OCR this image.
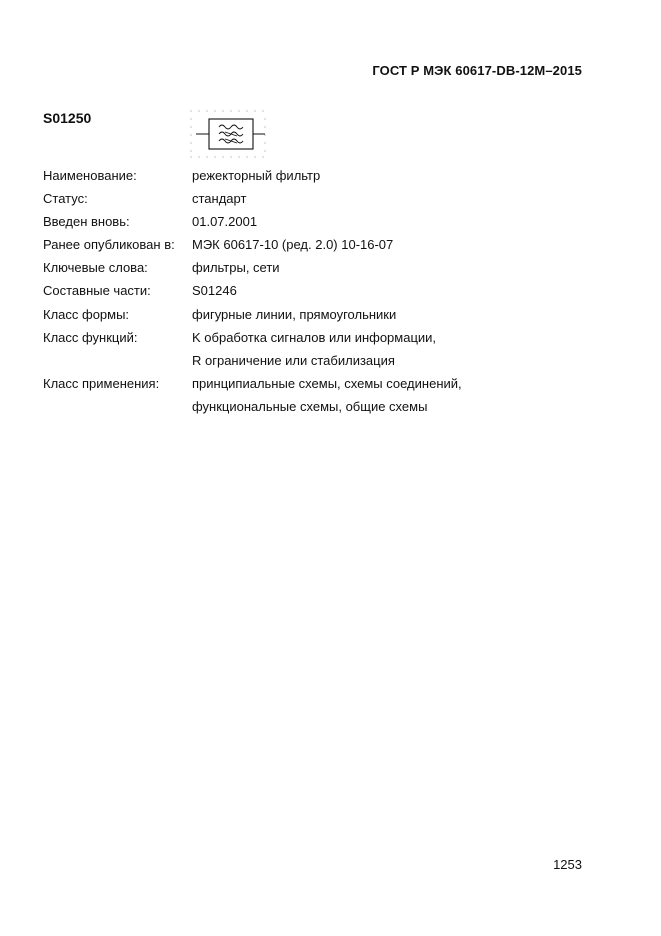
ГОСТ Р МЭК 60617-DB-12M–2015
S01250
Наименование:	режекторный фильтр
Статус:	стандарт
Введен вновь:	01.07.2001
Ранее опубликован в:	МЭК 60617-10 (ред. 2.0) 10-16-07
Ключевые слова:	фильтры, сети
Составные части:	S01246
Класс формы:	фигурные линии, прямоугольники
Класс функций:	K обработка сигналов или информации,
R ограничение или стабилизация
Класс применения:	принципиальные схемы, схемы соединений,
функциональные схемы, общие схемы
1253
